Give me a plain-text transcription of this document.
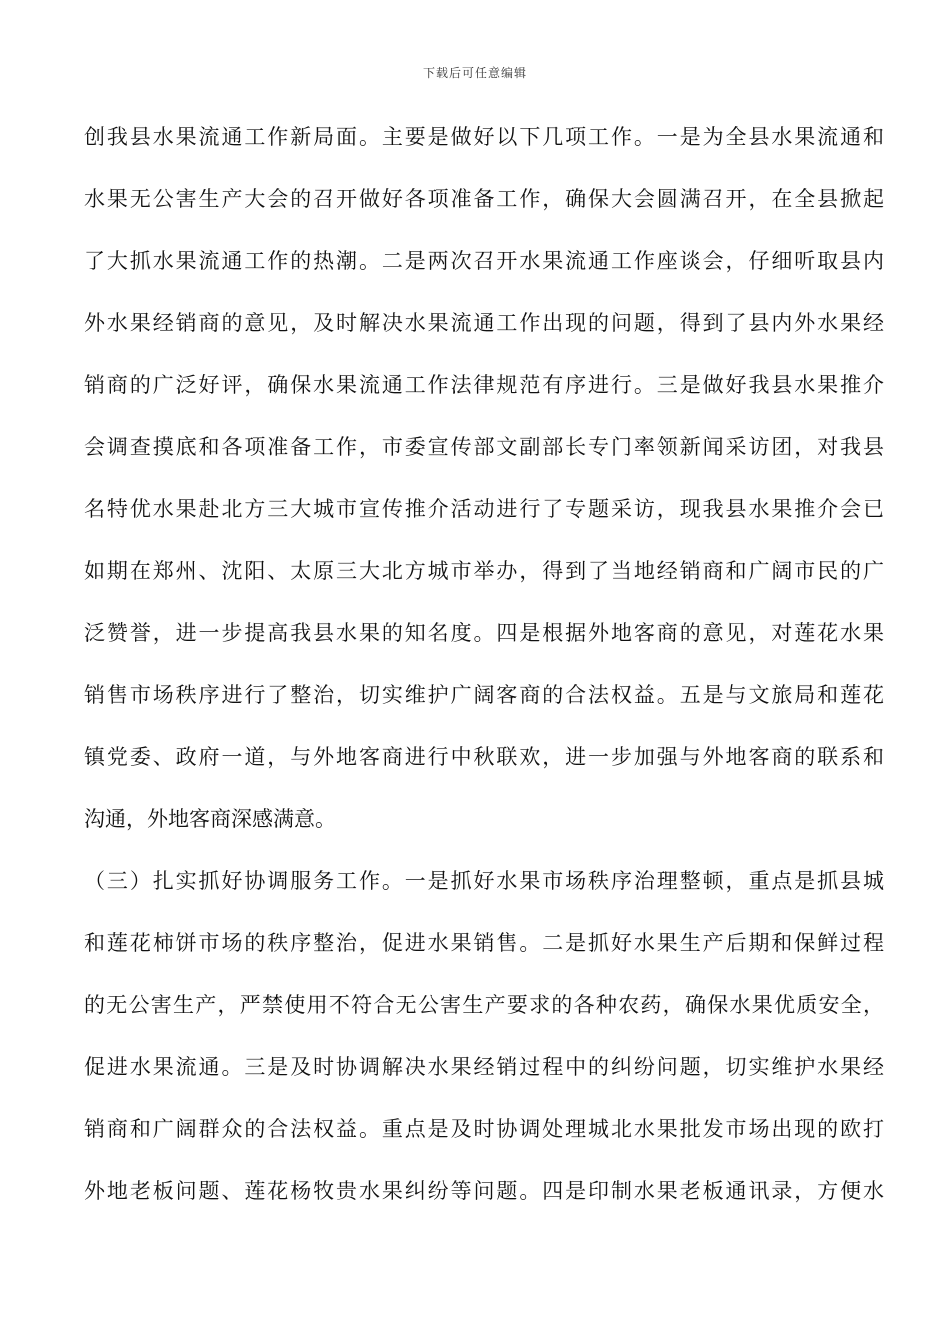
下载后可任意编辑
创我县水果流通工作新局面。主要是做好以下几项工作。一是为全县水果流通和
水果无公害生产大会的召开做好各项准备工作，确保大会圆满召开，在全县掀起
了大抓水果流通工作的热潮。二是两次召开水果流通工作座谈会，仔细听取县内
外水果经销商的意见，及时解决水果流通工作出现的问题，得到了县内外水果经
销商的广泛好评，确保水果流通工作法律规范有序进行。三是做好我县水果推介
会调查摸底和各项准备工作，市委宣传部文副部长专门率领新闻采访团，对我县
名特优水果赴北方三大城市宣传推介活动进行了专题采访，现我县水果推介会已
如期在郑州、沈阳、太原三大北方城市举办，得到了当地经销商和广阔市民的广
泛赞誉，进一步提高我县水果的知名度。四是根据外地客商的意见，对莲花水果
销售市场秩序进行了整治，切实维护广阔客商的合法权益。五是与文旅局和莲花
镇党委、政府一道，与外地客商进行中秋联欢，进一步加强与外地客商的联系和
沟通，外地客商深感满意。
（三）扎实抓好协调服务工作。一是抓好水果市场秩序治理整顿，重点是抓县城
和莲花柿饼市场的秩序整治，促进水果销售。二是抓好水果生产后期和保鲜过程
的无公害生产，严禁使用不符合无公害生产要求的各种农药，确保水果优质安全，
促进水果流通。三是及时协调解决水果经销过程中的纠纷问题，切实维护水果经
销商和广阔群众的合法权益。重点是及时协调处理城北水果批发市场出现的欧打
外地老板问题、莲花杨牧贵水果纠纷等问题。四是印制水果老板通讯录，方便水
